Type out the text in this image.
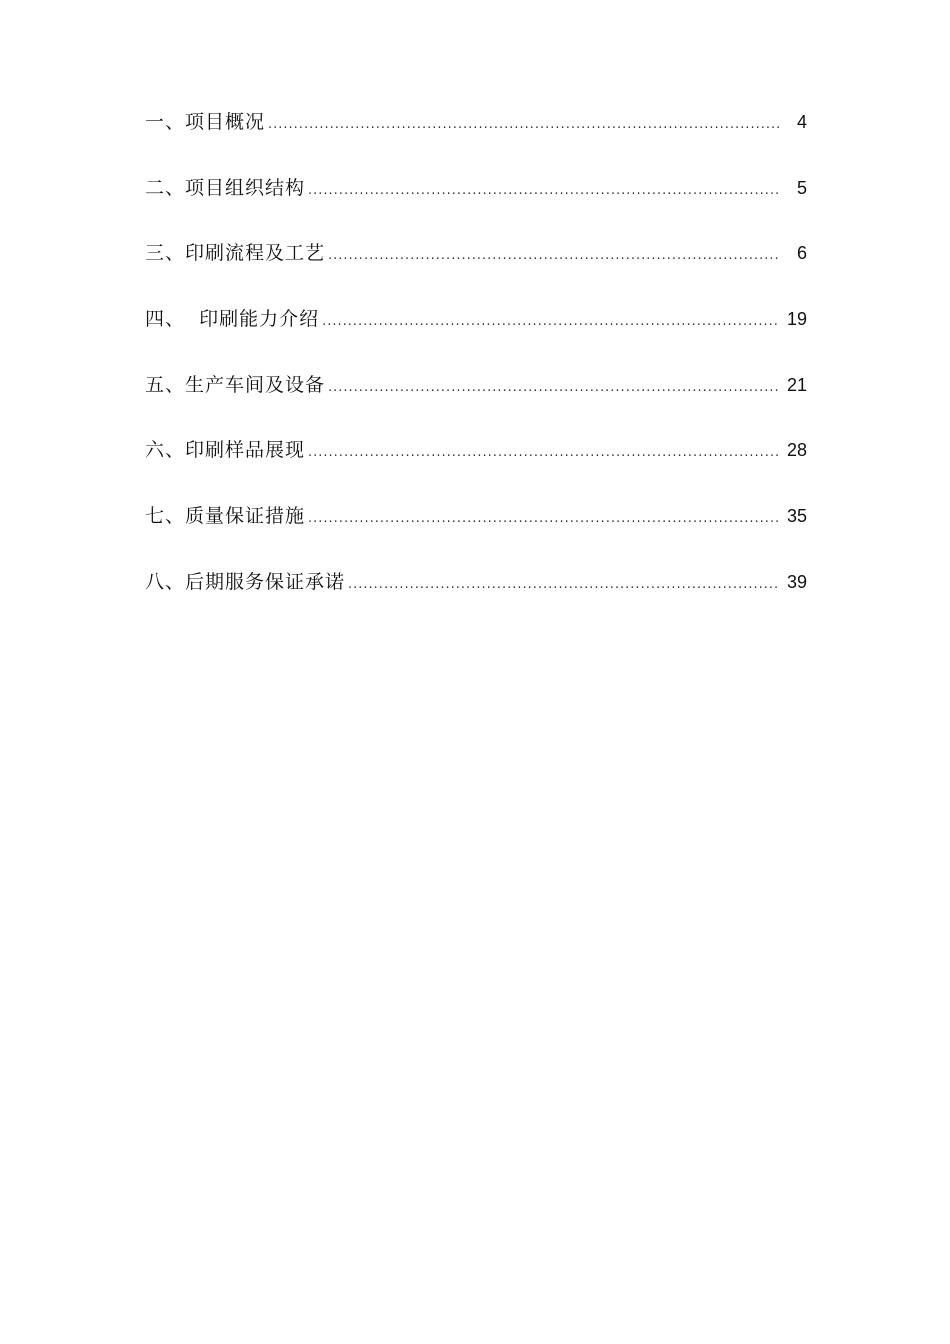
一、项目概况 .....	4
二、项目组织结构 .....	5
三、印刷流程及工艺 .....	6
四、  印刷能力介绍 .....	19
五、生产车间及设备 .....	21
六、印刷样品展现 .....	28
七、质量保证措施 .....	35
八、后期服务保证承诺 .....	39
